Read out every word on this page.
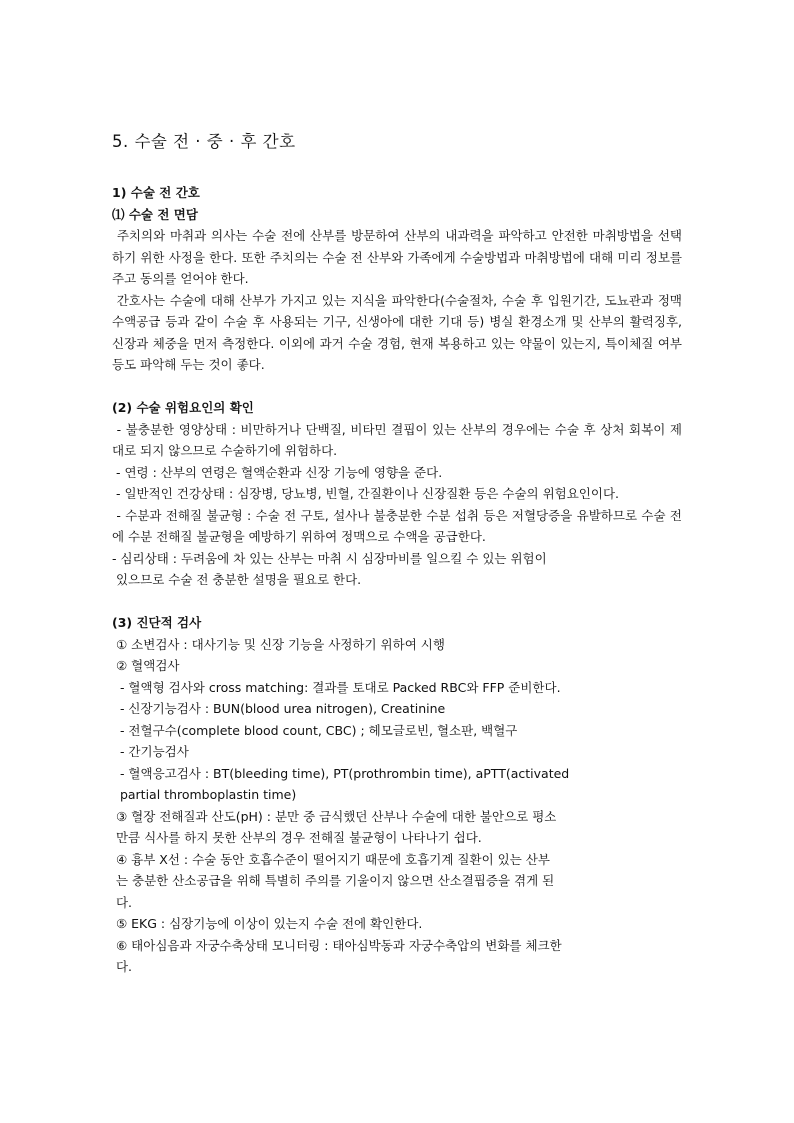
5. 수술 전 · 중 · 후 간호
1) 수술 전 간호
⑴ 수술 전 면담
주치의와 마취과 의사는 수술 전에 산부를 방문하여 산부의 내과력을 파악하고 안전한 마취방법을 선택하기 위한 사정을 한다. 또한 주치의는 수술 전 산부와 가족에게 수술방법과 마취방법에 대해 미리 정보를 주고 동의를 얻어야 한다.
간호사는 수술에 대해 산부가 가지고 있는 지식을 파악한다(수술절차, 수술 후 입원기간, 도뇨관과 정맥수액공급 등과 같이 수술 후 사용되는 기구, 신생아에 대한 기대 등) 병실 환경소개 및 산부의 활력징후, 신장과 체중을 먼저 측정한다. 이외에 과거 수술 경험, 현재 복용하고 있는 약물이 있는지, 특이체질 여부 등도 파악해 두는 것이 좋다.
(2) 수술 위험요인의 확인
- 불충분한 영양상태 : 비만하거나 단백질, 비타민 결핍이 있는 산부의 경우에는 수술 후 상처 회복이 제대로 되지 않으므로 수술하기에 위험하다.
- 연령 : 산부의 연령은 혈액순환과 신장 기능에 영향을 준다.
- 일반적인 건강상태 : 심장병, 당뇨병, 빈혈, 간질환이나 신장질환 등은 수술의 위험요인이다.
- 수분과 전해질 불균형 : 수술 전 구토, 설사나 불충분한 수분 섭취 등은 저혈당증을 유발하므로 수술 전에 수분 전해질 불균형을 예방하기 위하여 정맥으로 수액을 공급한다.
- 심리상태 : 두려움에 차 있는 산부는 마취 시 심장마비를 일으킬 수 있는 위험이
있으므로 수술 전 충분한 설명을 필요로 한다.
(3) 진단적 검사
① 소변검사 : 대사기능 및 신장 기능을 사정하기 위하여 시행
② 혈액검사
- 혈액형 검사와 cross matching: 결과를 토대로 Packed RBC와 FFP 준비한다.
- 신장기능검사 : BUN(blood urea nitrogen), Creatinine
- 전혈구수(complete blood count, CBC) ; 헤모글로빈, 혈소판, 백혈구
- 간기능검사
- 혈액응고검사 : BT(bleeding time), PT(prothrombin time), aPTT(activated
partial thromboplastin time)
③ 혈장 전해질과 산도(pH) : 분만 중 금식했던 산부나 수술에 대한 불안으로 평소
만큼 식사를 하지 못한 산부의 경우 전해질 불균형이 나타나기 쉽다.
④ 흉부 X선 : 수술 동안 호흡수준이 떨어지기 때문에 호흡기계 질환이 있는 산부
는 충분한 산소공급을 위해 특별히 주의를 기울이지 않으면 산소결핍증을 겪게 된
다.
⑤ EKG : 심장기능에 이상이 있는지 수술 전에 확인한다.
⑥ 태아심음과 자궁수축상태 모니터링 : 태아심박동과 자궁수축압의 변화를 체크한
다.
